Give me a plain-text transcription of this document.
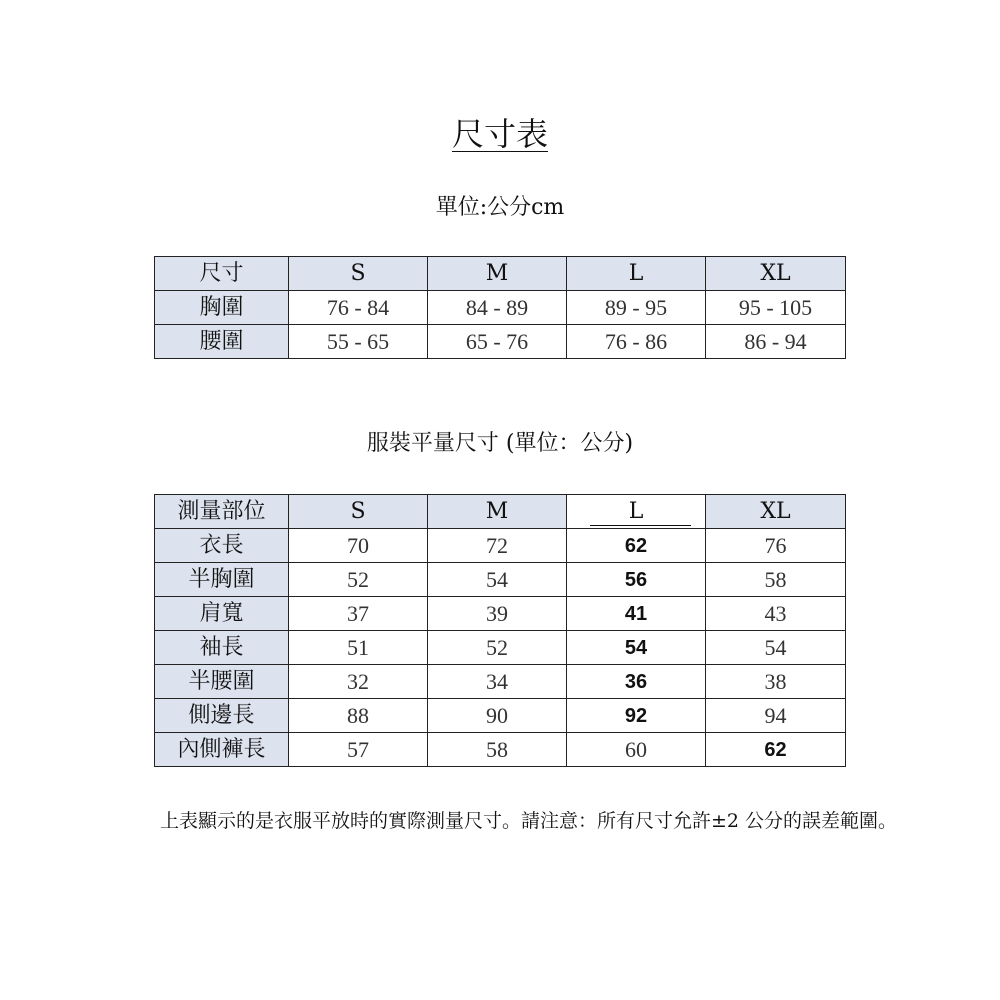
尺寸表
單位:公分cm
尺寸	S	M	L	XL
胸圍	76 - 84	84 - 89	89 - 95	95 - 105
腰圍	55 - 65	65 - 76	76 - 86	86 - 94
服裝平量尺寸 (單位：公分)
測量部位	S	M	L	XL
衣長	70	72	62	76
半胸圍	52	54	56	58
肩寬	37	39	41	43
袖長	51	52	54	54
半腰圍	32	34	36	38
側邊長	88	90	92	94
內側褲長	57	58	60	62
上表顯示的是衣服平放時的實際測量尺寸。請注意：所有尺寸允許±2 公分的誤差範圍。
